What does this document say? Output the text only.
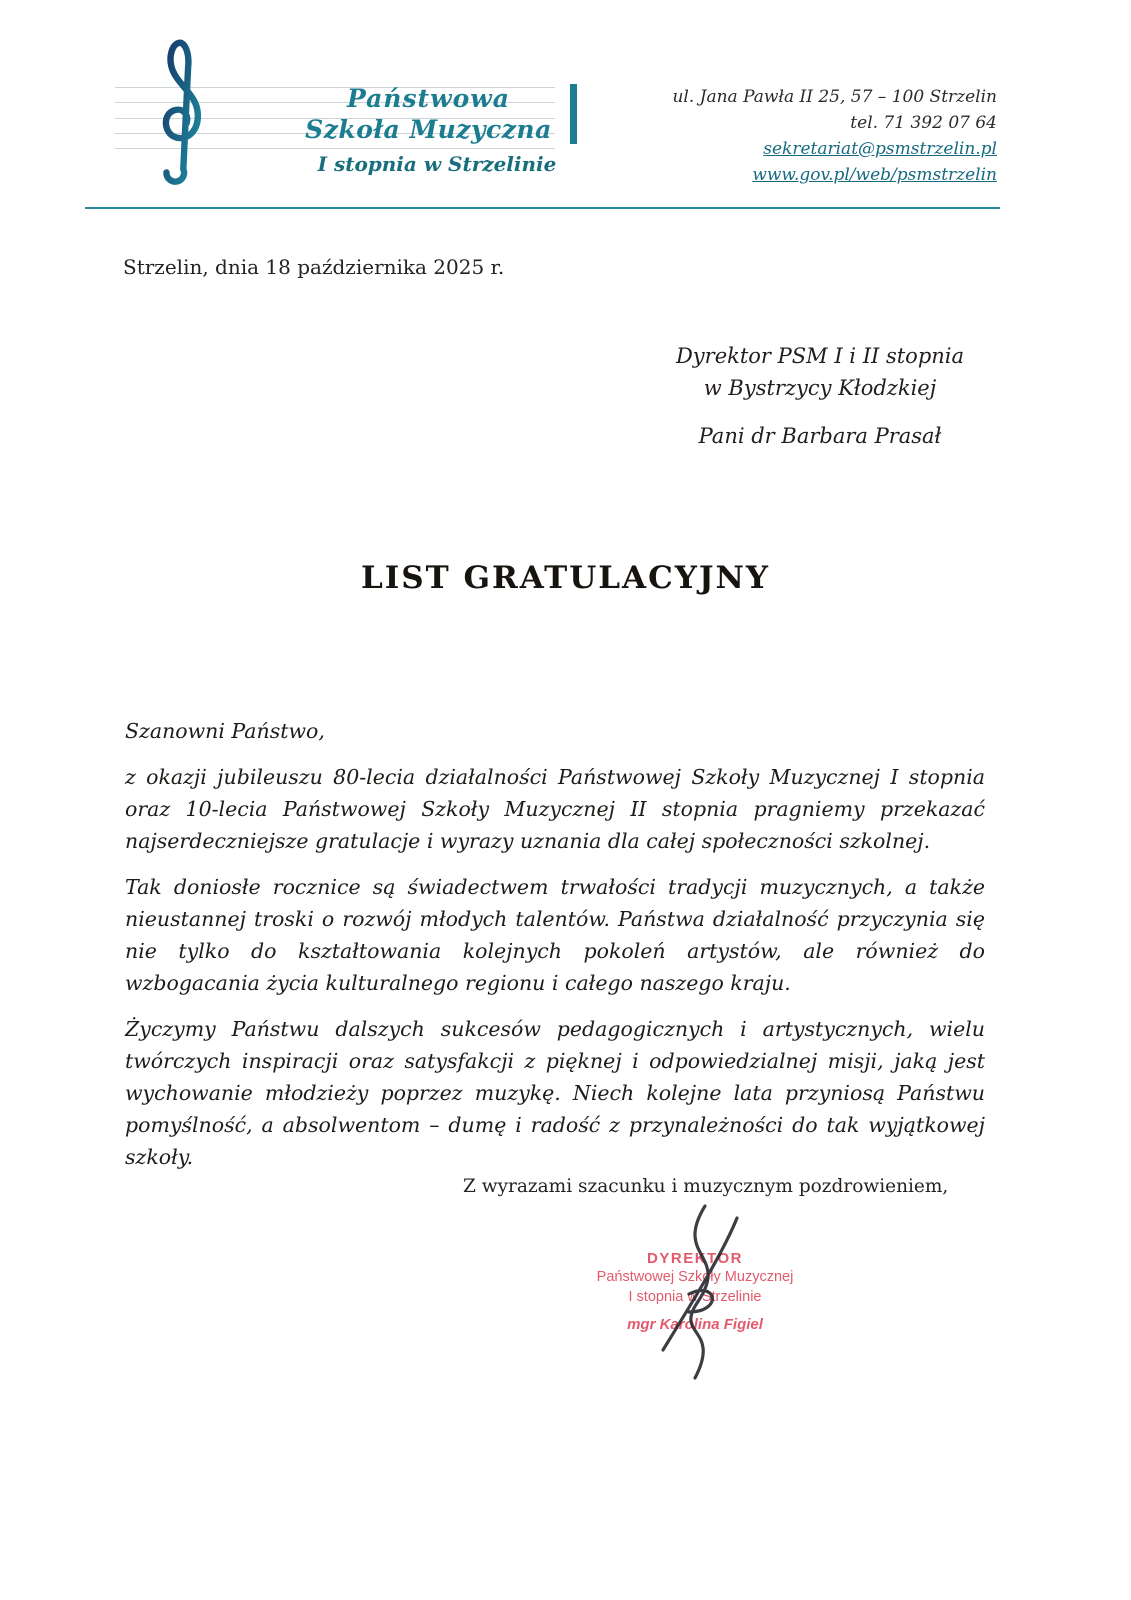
Państwowa
Szkoła Muzyczna
I stopnia w Strzelinie
ul. Jana Pawła II 25, 57 – 100 Strzelin
tel. 71 392 07 64
sekretariat@psmstrzelin.pl
www.gov.pl/web/psmstrzelin
Strzelin, dnia 18 października 2025 r.
Dyrektor PSM I i II stopnia
w Bystrzycy Kłodzkiej
Pani dr Barbara Prasał
LIST GRATULACYJNY

Szanowni Państwo,

z okazji jubileuszu 80-lecia działalności Państwowej Szkoły Muzycznej I stopnia oraz 10-lecia Państwowej Szkoły Muzycznej II stopnia pragniemy przekazać najserdeczniejsze gratulacje i wyrazy uznania dla całej społeczności szkolnej.

Tak doniosłe rocznice są świadectwem trwałości tradycji muzycznych, a także nieustannej troski o rozwój młodych talentów. Państwa działalność przyczynia się nie tylko do kształtowania kolejnych pokoleń artystów, ale również do wzbogacania życia kulturalnego regionu i całego naszego kraju.

Życzymy Państwu dalszych sukcesów pedagogicznych i artystycznych, wielu twórczych inspiracji oraz satysfakcji z pięknej i odpowiedzialnej misji, jaką jest wychowanie młodzieży poprzez muzykę. Niech kolejne lata przyniosą Państwu pomyślność, a absolwentom – dumę i radość z przynależności do tak wyjątkowej szkoły.

Z wyrazami szacunku i muzycznym pozdrowieniem,
DYREKTOR
Państwowej Szkoły Muzycznej
I stopnia w Strzelinie
mgr Karolina Figiel
